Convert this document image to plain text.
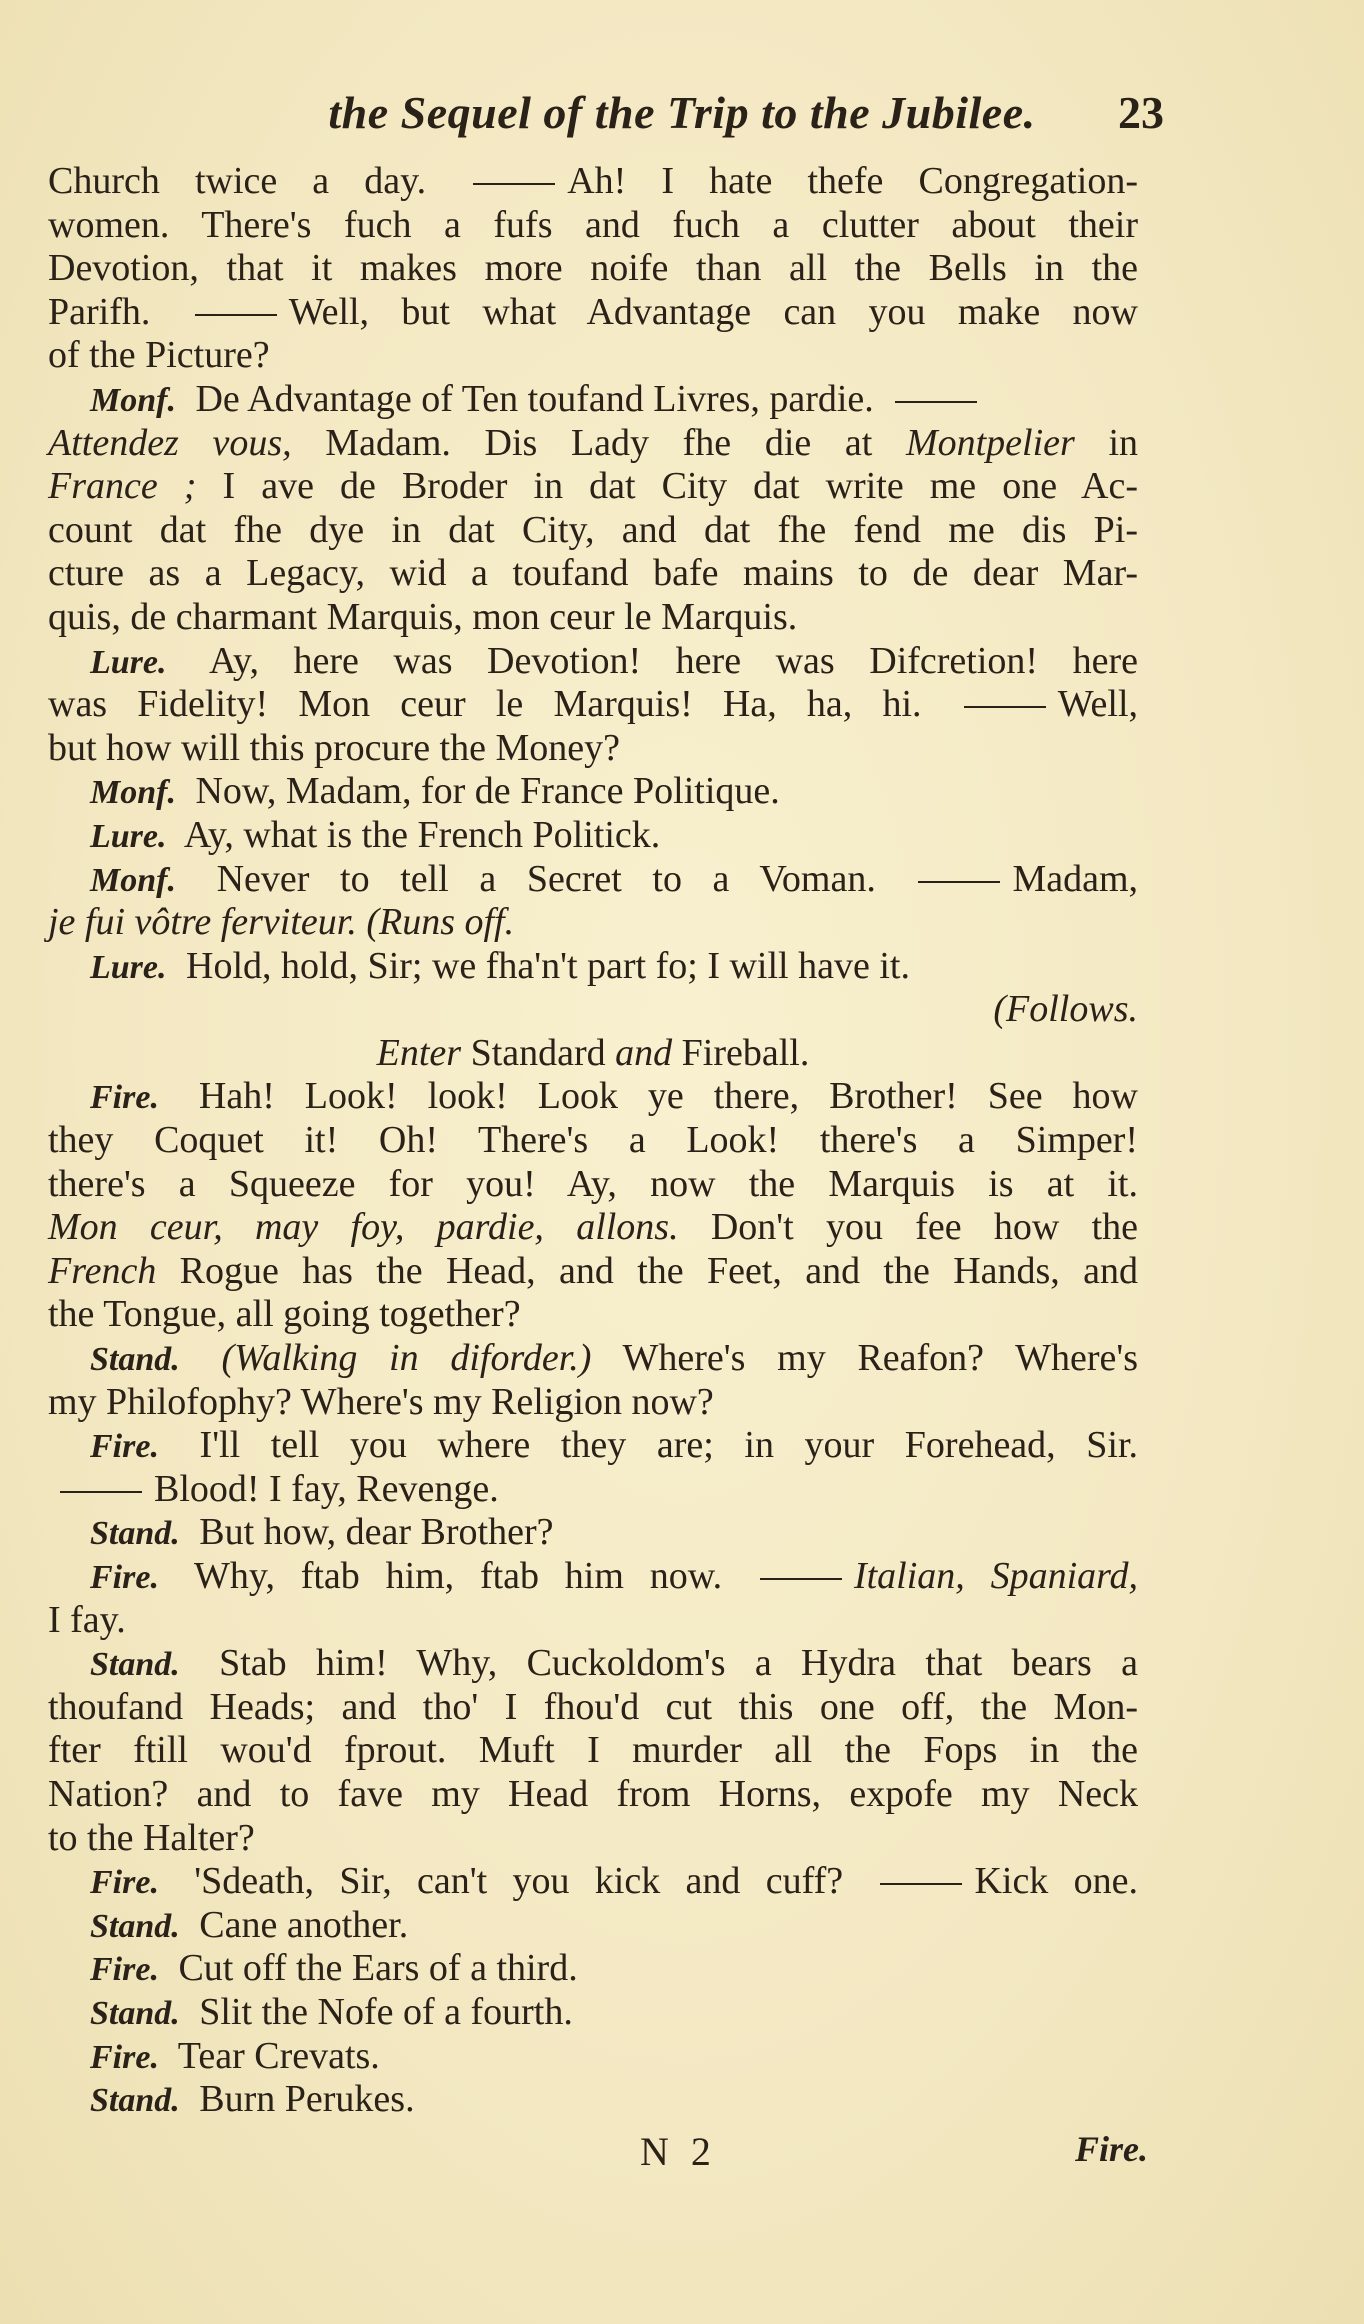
the Sequel of the Trip to the Jubilee.	23
Church twice a day.	Ah! I hate thefe Congregation-
women. There's fuch a fufs and fuch a clutter about their
Devotion, that it makes more noife than all the Bells in the
Parifh.	Well, but what Advantage can you make now
of the Picture?
Monf. De Advantage of Ten toufand Livres, pardie.
Attendez vous, Madam. Dis Lady fhe die at Montpelier in
France ; I ave de Broder in dat City dat write me one Ac-
count dat fhe dye in dat City, and dat fhe fend me dis Pi-
cture as a Legacy, wid a toufand bafe mains to de dear Mar-
quis, de charmant Marquis, mon ceur le Marquis.
Lure. Ay, here was Devotion! here was Difcretion! here
was Fidelity! Mon ceur le Marquis! Ha, ha, hi.	Well,
but how will this procure the Money?
Monf. Now, Madam, for de France Politique.
Lure. Ay, what is the French Politick.
Monf. Never to tell a Secret to a Voman.	Madam,
je fui vôtre ferviteur. (Runs off.
Lure. Hold, hold, Sir; we fha'n't part fo; I will have it.
(Follows.
Enter Standard and Fireball.
Fire. Hah! Look! look! Look ye there, Brother! See how
they Coquet it! Oh! There's a Look! there's a Simper!
there's a Squeeze for you! Ay, now the Marquis is at it.
Mon ceur, may foy, pardie, allons. Don't you fee how the
French Rogue has the Head, and the Feet, and the Hands, and
the Tongue, all going together?
Stand. (Walking in diforder.) Where's my Reafon? Where's
my Philofophy? Where's my Religion now?
Fire. I'll tell you where they are; in your Forehead, Sir.
Blood! I fay, Revenge.
Stand. But how, dear Brother?
Fire. Why, ftab him, ftab him now.	Italian, Spaniard,
I fay.
Stand. Stab him! Why, Cuckoldom's a Hydra that bears a
thoufand Heads; and tho' I fhou'd cut this one off, the Mon-
fter ftill wou'd fprout. Muft I murder all the Fops in the
Nation? and to fave my Head from Horns, expofe my Neck
to the Halter?
Fire. 'Sdeath, Sir, can't you kick and cuff?	Kick one.
Stand. Cane another.
Fire. Cut off the Ears of a third.
Stand. Slit the Nofe of a fourth.
Fire. Tear Crevats.
Stand. Burn Perukes.
N 2	Fire.
